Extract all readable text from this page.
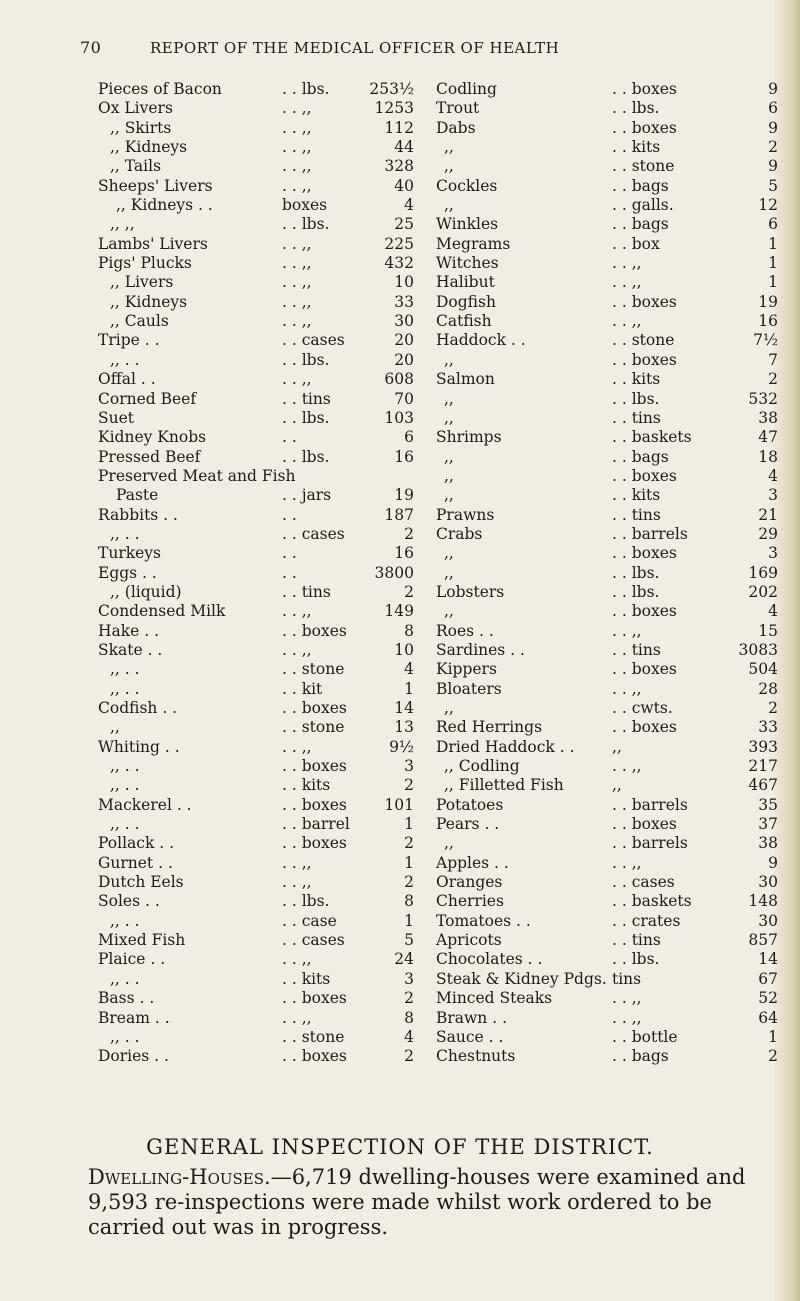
70	REPORT OF THE MEDICAL OFFICER OF HEALTH
Pieces of Bacon	. . lbs.	253½ Codling	. . boxes	9
Ox Livers	. . ,,	1253 Trout	. . lbs.	6
,, Skirts	. . ,,	112 Dabs	. . boxes	9
,, Kidneys	. . ,,	44 ,,	. . kits	2
,, Tails	. . ,,	328 ,,	. . stone	9
Sheeps' Livers	. . ,,	40 Cockles	. . bags	5
,, Kidneys . .	boxes	4 ,,	. . galls.	12
,, ,,	. . lbs.	25 Winkles	. . bags	6
Lambs' Livers	. . ,,	225 Megrams	. . box	1
Pigs' Plucks	. . ,,	432 Witches	. . ,,	1
,, Livers	. . ,,	10 Halibut	. . ,,	1
,, Kidneys	. . ,,	33 Dogfish	. . boxes	19
,, Cauls	. . ,,	30 Catfish	. . ,,	16
Tripe . .	. . cases	20 Haddock . .	. . stone	7½
,, . .	. . lbs.	20 ,,	. . boxes	7
Offal . .	. . ,,	608 Salmon	. . kits	2
Corned Beef	. . tins	70 ,,	. . lbs.	532
Suet	. . lbs.	103 ,,	. . tins	38
Kidney Knobs	. .	6 Shrimps	. . baskets	47
Pressed Beef	. . lbs.	16 ,,	. . bags	18
Preserved Meat and Fish	,,	. . boxes	4
Paste	. . jars	19 ,,	. . kits	3
Rabbits . .	. .	187 Prawns	. . tins	21
,, . .	. . cases	2 Crabs	. . barrels	29
Turkeys	. .	16 ,,	. . boxes	3
Eggs . .	. .	3800 ,,	. . lbs.	169
,, (liquid)	. . tins	2 Lobsters	. . lbs.	202
Condensed Milk	. . ,,	149 ,,	. . boxes	4
Hake . .	. . boxes	8 Roes . .	. . ,,	15
Skate . .	. . ,,	10 Sardines . .	. . tins	3083
,, . .	. . stone	4 Kippers	. . boxes	504
,, . .	. . kit	1 Bloaters	. . ,,	28
Codfish . .	. . boxes	14 ,,	. . cwts.	2
,,	. . stone	13 Red Herrings	. . boxes	33
Whiting . .	. . ,,	9½ Dried Haddock . . ,,	393
,, . .	. . boxes	3 ,, Codling	. . ,,	217
,, . .	. . kits	2 ,, Filletted Fish	,,	467
Mackerel . .	. . boxes	101 Potatoes	. . barrels	35
,, . .	. . barrel	1 Pears . .	. . boxes	37
Pollack . .	. . boxes	2 ,,	. . barrels	38
Gurnet . .	. . ,,	1 Apples . .	. . ,,	9
Dutch Eels	. . ,,	2 Oranges	. . cases	30
Soles . .	. . lbs.	8 Cherries	. . baskets	148
,, . .	. . case	1 Tomatoes . .	. . crates	30
Mixed Fish	. . cases	5 Apricots	. . tins	857
Plaice . .	. . ,,	24 Chocolates . .	. . lbs.	14
,, . .	. . kits	3 Steak & Kidney Pdgs. tins	67
Bass . .	. . boxes	2 Minced Steaks	. . ,,	52
Bream . .	. . ,,	8 Brawn . .	. . ,,	64
,, . .	. . stone	4 Sauce . .	. . bottle	1
Dories . .	. . boxes	2 Chestnuts	. . bags	2
GENERAL INSPECTION OF THE DISTRICT.
Dwelling-Houses.—6,719 dwelling-houses were examined and 9,593 re-inspections were made whilst work ordered to be carried out was in progress.
